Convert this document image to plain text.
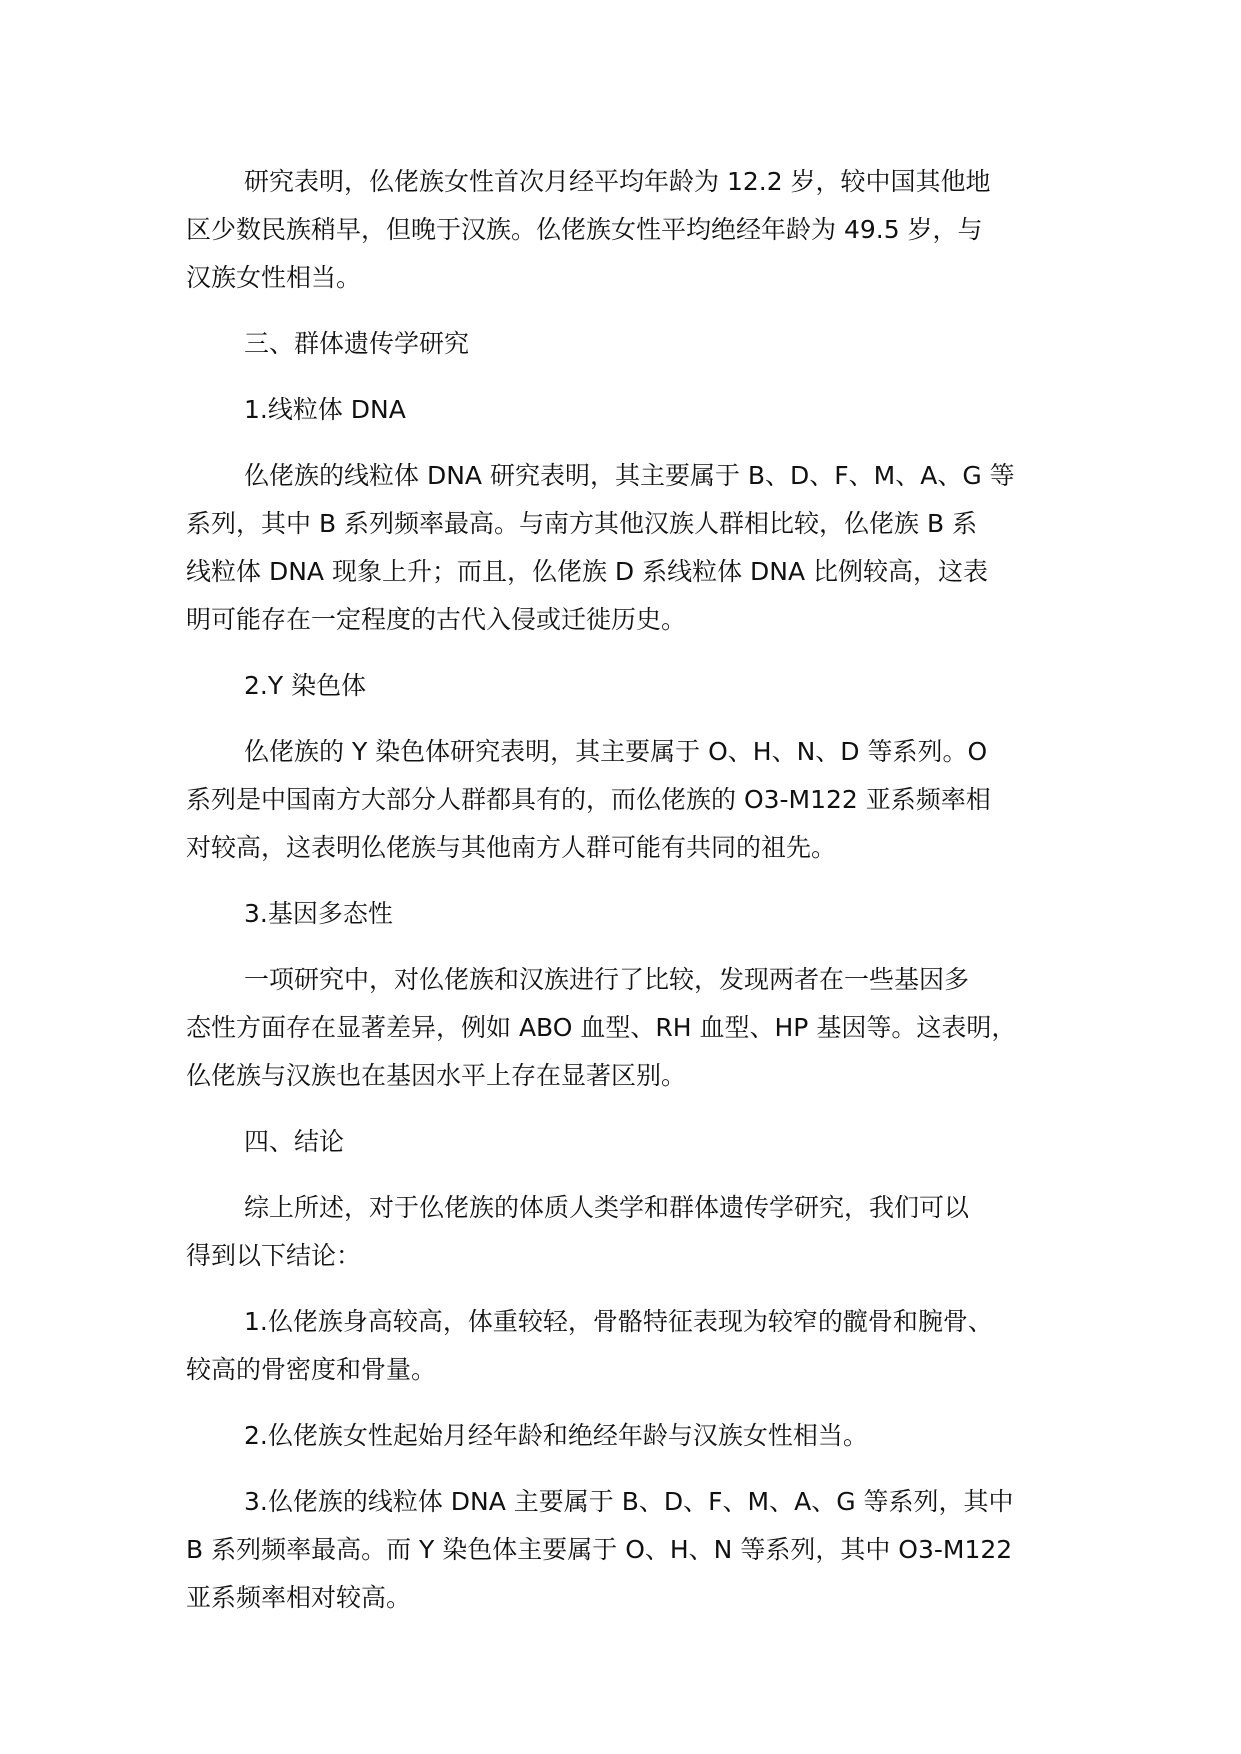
研究表明，仫佬族女性首次月经平均年龄为 12.2 岁，较中国其他地
区少数民族稍早，但晚于汉族。仫佬族女性平均绝经年龄为 49.5 岁，与
汉族女性相当。
三、群体遗传学研究
1.线粒体 DNA
仫佬族的线粒体 DNA 研究表明，其主要属于 B、D、F、M、A、G 等
系列，其中 B 系列频率最高。与南方其他汉族人群相比较，仫佬族 B 系
线粒体 DNA 现象上升；而且，仫佬族 D 系线粒体 DNA 比例较高，这表
明可能存在一定程度的古代入侵或迁徙历史。
2.Y 染色体
仫佬族的 Y 染色体研究表明，其主要属于 O、H、N、D 等系列。O
系列是中国南方大部分人群都具有的，而仫佬族的 O3-M122 亚系频率相
对较高，这表明仫佬族与其他南方人群可能有共同的祖先。
3.基因多态性
一项研究中，对仫佬族和汉族进行了比较，发现两者在一些基因多
态性方面存在显著差异，例如 ABO 血型、RH 血型、HP 基因等。这表明，
仫佬族与汉族也在基因水平上存在显著区别。
四、结论
综上所述，对于仫佬族的体质人类学和群体遗传学研究，我们可以
得到以下结论：
1.仫佬族身高较高，体重较轻，骨骼特征表现为较窄的髋骨和腕骨、
较高的骨密度和骨量。
2.仫佬族女性起始月经年龄和绝经年龄与汉族女性相当。
3.仫佬族的线粒体 DNA 主要属于 B、D、F、M、A、G 等系列，其中
B 系列频率最高。而 Y 染色体主要属于 O、H、N 等系列，其中 O3-M122
亚系频率相对较高。
